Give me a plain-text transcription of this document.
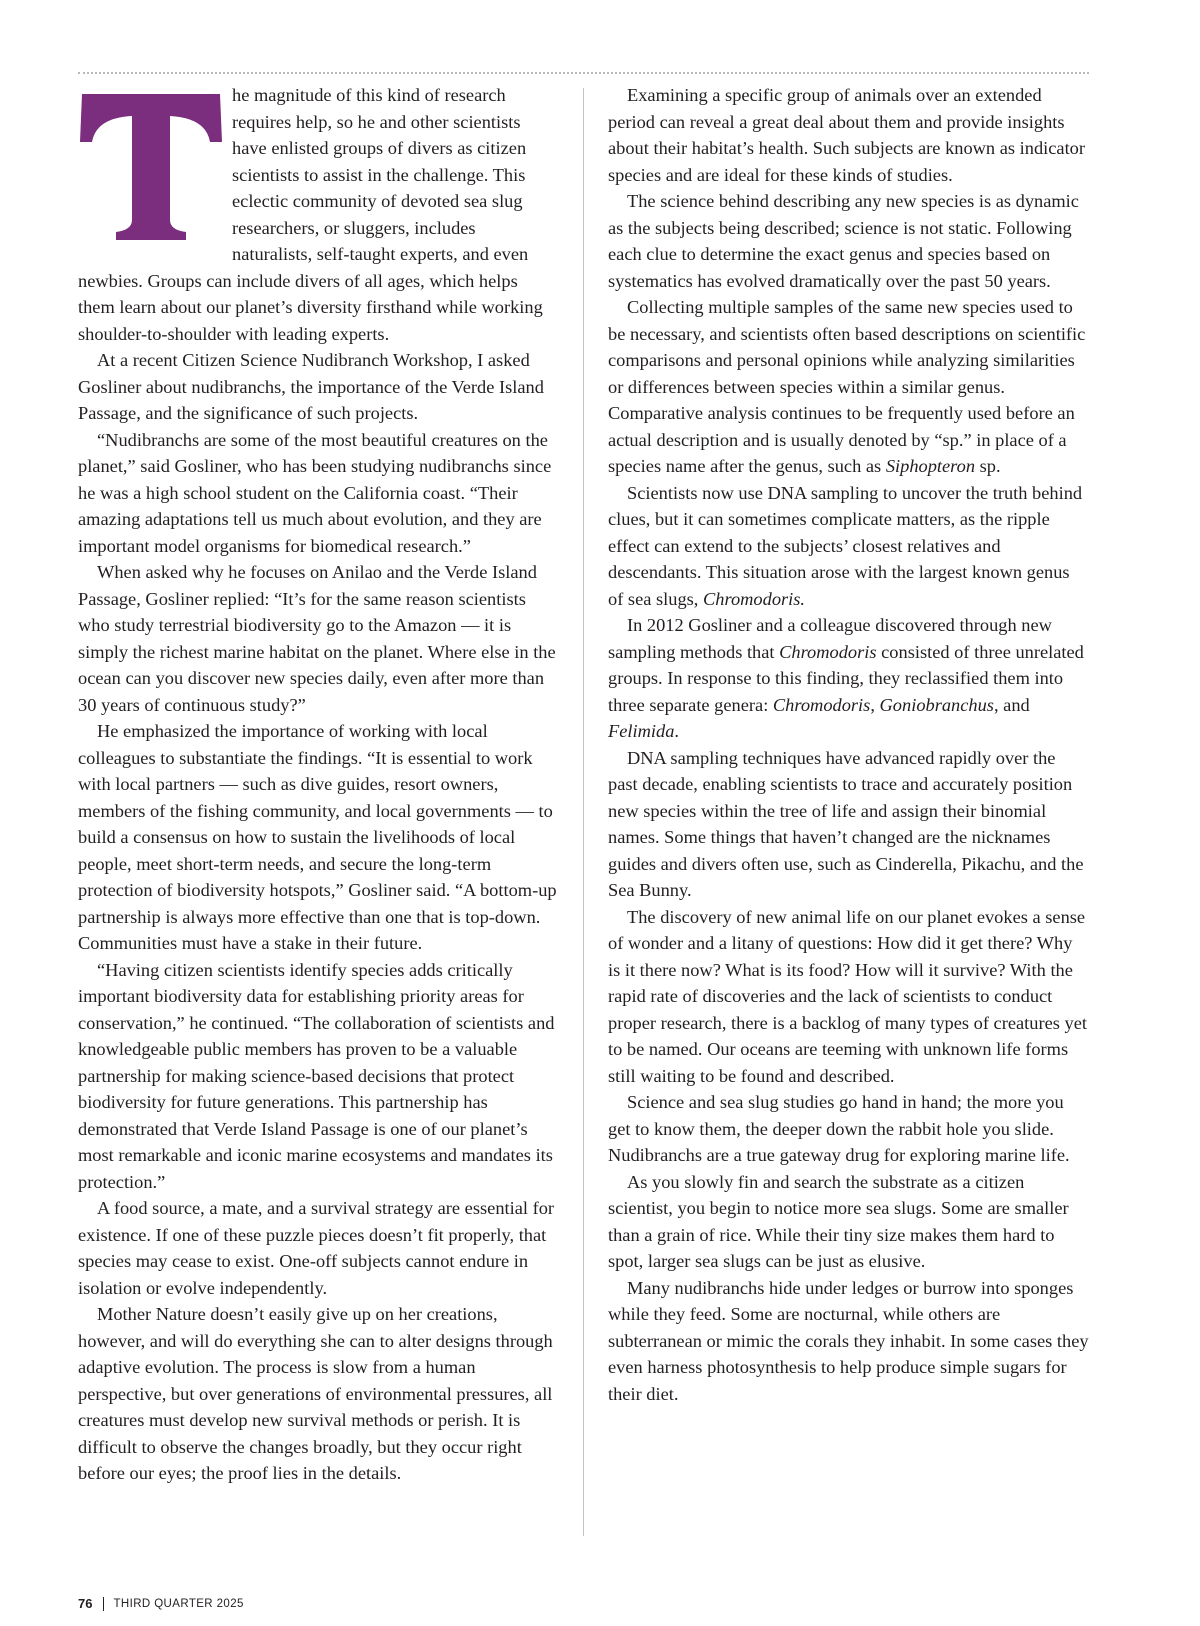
he magnitude of this kind of research requires help, so he and other scientists have enlisted groups of divers as citizen scientists to assist in the challenge. This eclectic community of devoted sea slug researchers, or sluggers, includes naturalists, self-taught experts, and even newbies. Groups can include divers of all ages, which helps them learn about our planet’s diversity firsthand while working shoulder-to-shoulder with leading experts.

At a recent Citizen Science Nudibranch Workshop, I asked Gosliner about nudibranchs, the importance of the Verde Island Passage, and the significance of such projects.

“Nudibranchs are some of the most beautiful creatures on the planet,” said Gosliner, who has been studying nudibranchs since he was a high school student on the California coast. “Their amazing adaptations tell us much about evolution, and they are important model organisms for biomedical research.”

When asked why he focuses on Anilao and the Verde Island Passage, Gosliner replied: “It’s for the same reason scientists who study terrestrial biodiversity go to the Amazon — it is simply the richest marine habitat on the planet. Where else in the ocean can you discover new species daily, even after more than 30 years of continuous study?”

He emphasized the importance of working with local colleagues to substantiate the findings. “It is essential to work with local partners — such as dive guides, resort owners, members of the fishing community, and local governments — to build a consensus on how to sustain the livelihoods of local people, meet short-term needs, and secure the long-term protection of biodiversity hotspots,” Gosliner said. “A bottom-up partnership is always more effective than one that is top-down. Communities must have a stake in their future.

“Having citizen scientists identify species adds critically important biodiversity data for establishing priority areas for conservation,” he continued. “The collaboration of scientists and knowledgeable public members has proven to be a valuable partnership for making science-based decisions that protect biodiversity for future generations. This partnership has demonstrated that Verde Island Passage is one of our planet’s most remarkable and iconic marine ecosystems and mandates its protection.”

A food source, a mate, and a survival strategy are essential for existence. If one of these puzzle pieces doesn’t fit properly, that species may cease to exist. One-off subjects cannot endure in isolation or evolve independently.

Mother Nature doesn’t easily give up on her creations, however, and will do everything she can to alter designs through adaptive evolution. The process is slow from a human perspective, but over generations of environmental pressures, all creatures must develop new survival methods or perish. It is difficult to observe the changes broadly, but they occur right before our eyes; the proof lies in the details.

Examining a specific group of animals over an extended period can reveal a great deal about them and provide insights about their habitat’s health. Such subjects are known as indicator species and are ideal for these kinds of studies.

The science behind describing any new species is as dynamic as the subjects being described; science is not static. Following each clue to determine the exact genus and species based on systematics has evolved dramatically over the past 50 years.

Collecting multiple samples of the same new species used to be necessary, and scientists often based descriptions on scientific comparisons and personal opinions while analyzing similarities or differences between species within a similar genus. Comparative analysis continues to be frequently used before an actual description and is usually denoted by “sp.” in place of a species name after the genus, such as Siphopteron sp.

Scientists now use DNA sampling to uncover the truth behind clues, but it can sometimes complicate matters, as the ripple effect can extend to the subjects’ closest relatives and descendants. This situation arose with the largest known genus of sea slugs, Chromodoris.

In 2012 Gosliner and a colleague discovered through new sampling methods that Chromodoris consisted of three unrelated groups. In response to this finding, they reclassified them into three separate genera: Chromodoris, Goniobranchus, and Felimida.

DNA sampling techniques have advanced rapidly over the past decade, enabling scientists to trace and accurately position new species within the tree of life and assign their binomial names. Some things that haven’t changed are the nicknames guides and divers often use, such as Cinderella, Pikachu, and the Sea Bunny.

The discovery of new animal life on our planet evokes a sense of wonder and a litany of questions: How did it get there? Why is it there now? What is its food? How will it survive? With the rapid rate of discoveries and the lack of scientists to conduct proper research, there is a backlog of many types of creatures yet to be named. Our oceans are teeming with unknown life forms still waiting to be found and described.

Science and sea slug studies go hand in hand; the more you get to know them, the deeper down the rabbit hole you slide. Nudibranchs are a true gateway drug for exploring marine life.

As you slowly fin and search the substrate as a citizen scientist, you begin to notice more sea slugs. Some are smaller than a grain of rice. While their tiny size makes them hard to spot, larger sea slugs can be just as elusive.

Many nudibranchs hide under ledges or burrow into sponges while they feed. Some are nocturnal, while others are subterranean or mimic the corals they inhabit. In some cases they even harness photosynthesis to help produce simple sugars for their diet.

76 THIRD QUARTER 2025
